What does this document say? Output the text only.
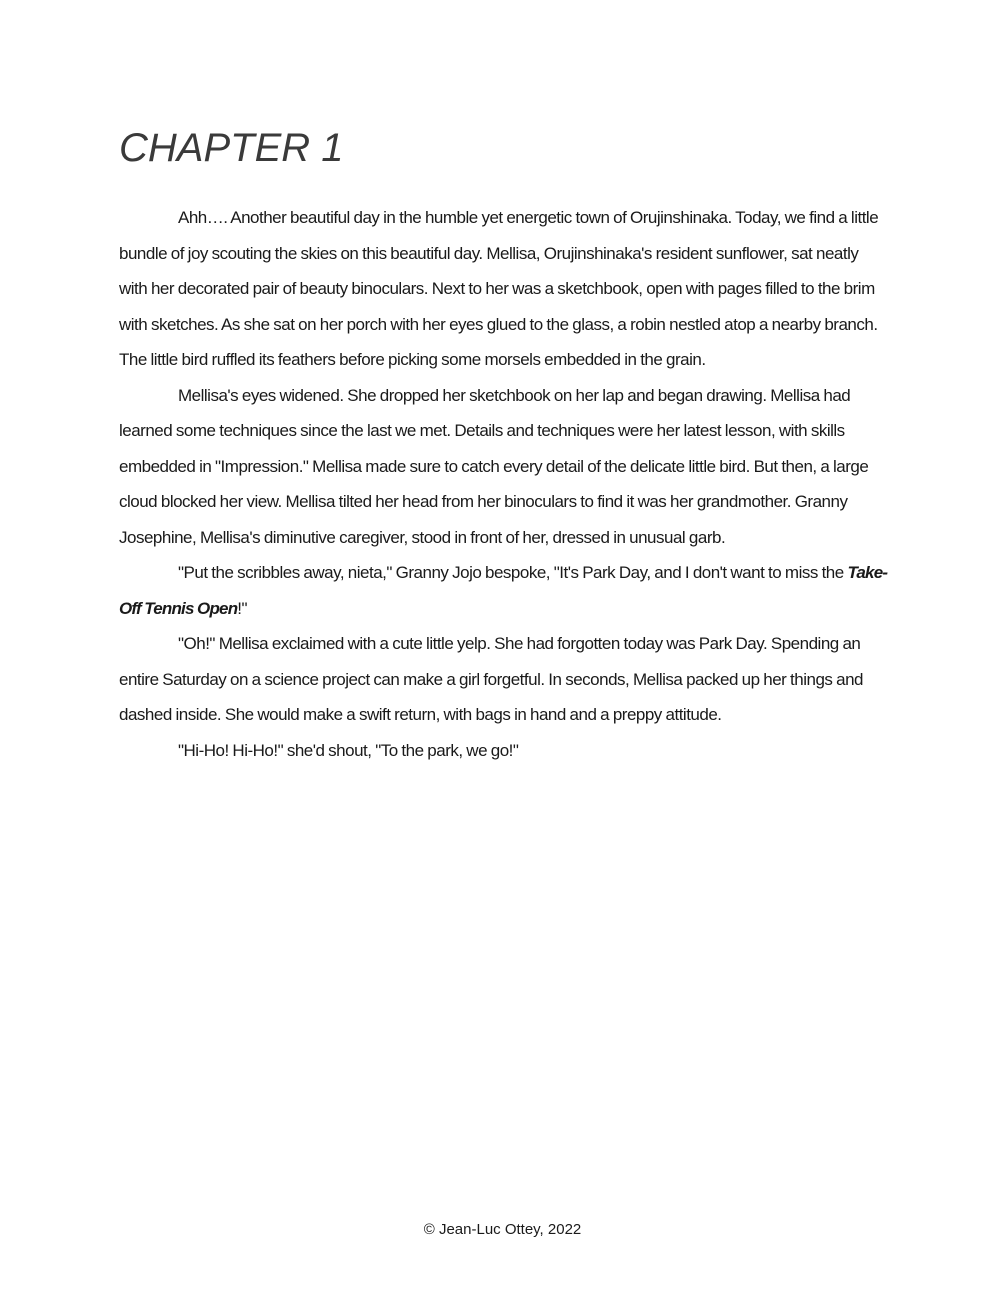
CHAPTER 1

Ahh…. Another beautiful day in the humble yet energetic town of Orujinshinaka. Today, we find a little bundle of joy scouting the skies on this beautiful day. Mellisa, Orujinshinaka's resident sunflower, sat neatly with her decorated pair of beauty binoculars. Next to her was a sketchbook, open with pages filled to the brim with sketches. As she sat on her porch with her eyes glued to the glass, a robin nestled atop a nearby branch. The little bird ruffled its feathers before picking some morsels embedded in the grain.

Mellisa's eyes widened. She dropped her sketchbook on her lap and began drawing. Mellisa had learned some techniques since the last we met. Details and techniques were her latest lesson, with skills embedded in "Impression." Mellisa made sure to catch every detail of the delicate little bird. But then, a large cloud blocked her view. Mellisa tilted her head from her binoculars to find it was her grandmother. Granny Josephine, Mellisa's diminutive caregiver, stood in front of her, dressed in unusual garb.

"Put the scribbles away, nieta," Granny Jojo bespoke, "It's Park Day, and I don't want to miss the Take-Off Tennis Open!"

"Oh!" Mellisa exclaimed with a cute little yelp. She had forgotten today was Park Day. Spending an entire Saturday on a science project can make a girl forgetful. In seconds, Mellisa packed up her things and dashed inside. She would make a swift return, with bags in hand and a preppy attitude.

"Hi-Ho! Hi-Ho!" she'd shout, "To the park, we go!"

© Jean-Luc Ottey, 2022
